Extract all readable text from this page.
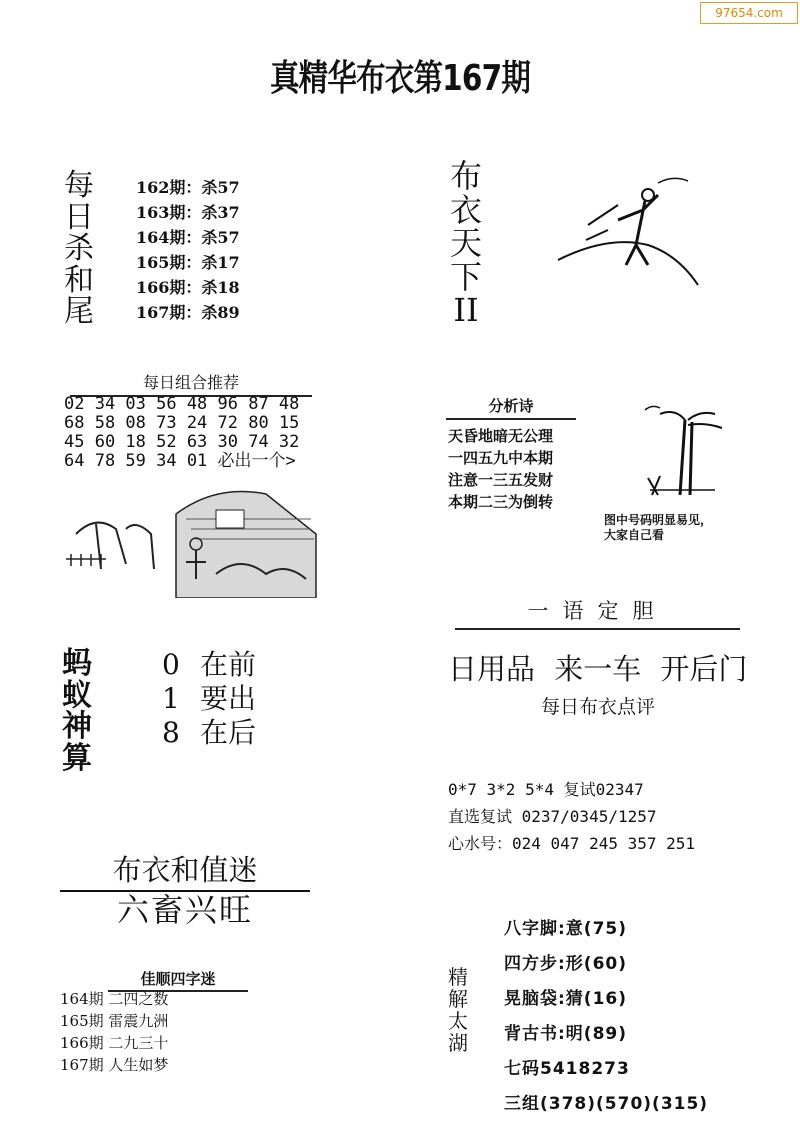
97654.com
真精华布衣第167期
每
日
杀
和
尾
162期：杀57
163期：杀37
164期：杀57
165期：杀17
166期：杀18
167期：杀89
布
衣
天
下
II
每日组合推荐
02 34 03 56 48 96 87 48
68 58 08 73 24 72 80 15
45 60 18 52 63 30 74 32
64 78 59 34 01 必出一个>
分析诗
天昏地暗无公理
一四五九中本期
注意一三五发财
本期二三为倒转
图中号码明显易见，
大家自己看
一语定胆
日用品 来一车 开后门
每日布衣点评
0*7 3*2 5*4 复试02347
直选复试 0237/0345/1257
心水号：024 047 245 357 251
蚂
蚁
神
算
0 在前
1 要出
8 在后
布衣和值迷
六畜兴旺
佳顺四字迷
164期 二四之数
165期 雷震九洲
166期 二九三十
167期 人生如梦
精
解
太
湖
八字脚:意(75)
四方步:形(60)
晃脑袋:猜(16)
背古书:明(89)
七码5418273
三组(378)(570)(315)
